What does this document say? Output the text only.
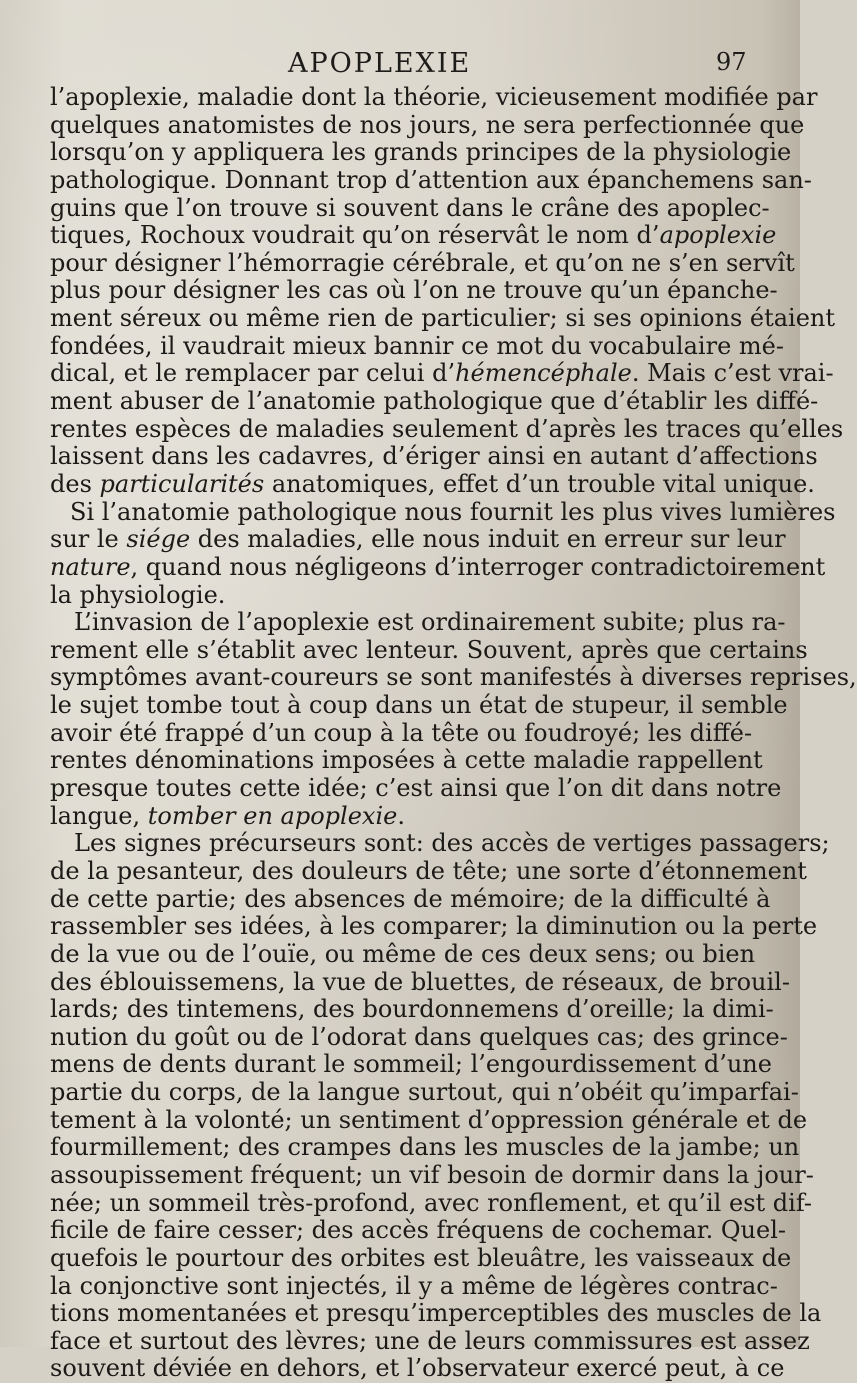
APOPLEXIE	97
l’apoplexie, maladie dont la théorie, vicieusement modifiée par
quelques anatomistes de nos jours, ne sera perfectionnée que
lorsqu’on y appliquera les grands principes de la physiologie
pathologique. Donnant trop d’attention aux épanchemens san-
guins que l’on trouve si souvent dans le crâne des apoplec-
tiques, Rochoux voudrait qu’on réservât le nom d’apoplexie
pour désigner l’hémorragie cérébrale, et qu’on ne s’en servît
plus pour désigner les cas où l’on ne trouve qu’un épanche-
ment séreux ou même rien de particulier; si ses opinions étaient
fondées, il vaudrait mieux bannir ce mot du vocabulaire mé-
dical, et le remplacer par celui d’hémencéphale. Mais c’est vrai-
ment abuser de l’anatomie pathologique que d’établir les diffé-
rentes espèces de maladies seulement d’après les traces qu’elles
laissent dans les cadavres, d’ériger ainsi en autant d’affections
des particularités anatomiques, effet d’un trouble vital unique.
Si l’anatomie pathologique nous fournit les plus vives lumières
sur le siége des maladies, elle nous induit en erreur sur leur
nature, quand nous négligeons d’interroger contradictoirement
la physiologie.
L’invasion de l’apoplexie est ordinairement subite; plus ra-
rement elle s’établit avec lenteur. Souvent, après que certains
symptômes avant-coureurs se sont manifestés à diverses reprises,
le sujet tombe tout à coup dans un état de stupeur, il semble
avoir été frappé d’un coup à la tête ou foudroyé; les diffé-
rentes dénominations imposées à cette maladie rappellent
presque toutes cette idée; c’est ainsi que l’on dit dans notre
langue, tomber en apoplexie.
Les signes précurseurs sont: des accès de vertiges passagers;
de la pesanteur, des douleurs de tête; une sorte d’étonnement
de cette partie; des absences de mémoire; de la difficulté à
rassembler ses idées, à les comparer; la diminution ou la perte
de la vue ou de l’ouïe, ou même de ces deux sens; ou bien
des éblouissemens, la vue de bluettes, de réseaux, de brouil-
lards; des tintemens, des bourdonnemens d’oreille; la dimi-
nution du goût ou de l’odorat dans quelques cas; des grince-
mens de dents durant le sommeil; l’engourdissement d’une
partie du corps, de la langue surtout, qui n’obéit qu’imparfai-
tement à la volonté; un sentiment d’oppression générale et de
fourmillement; des crampes dans les muscles de la jambe; un
assoupissement fréquent; un vif besoin de dormir dans la jour-
née; un sommeil très-profond, avec ronflement, et qu’il est dif-
ficile de faire cesser; des accès fréquens de cochemar. Quel-
quefois le pourtour des orbites est bleuâtre, les vaisseaux de
la conjonctive sont injectés, il y a même de légères contrac-
tions momentanées et presqu’imperceptibles des muscles de la
face et surtout des lèvres; une de leurs commissures est assez
souvent déviée en dehors, et l’observateur exercé peut, à ce
